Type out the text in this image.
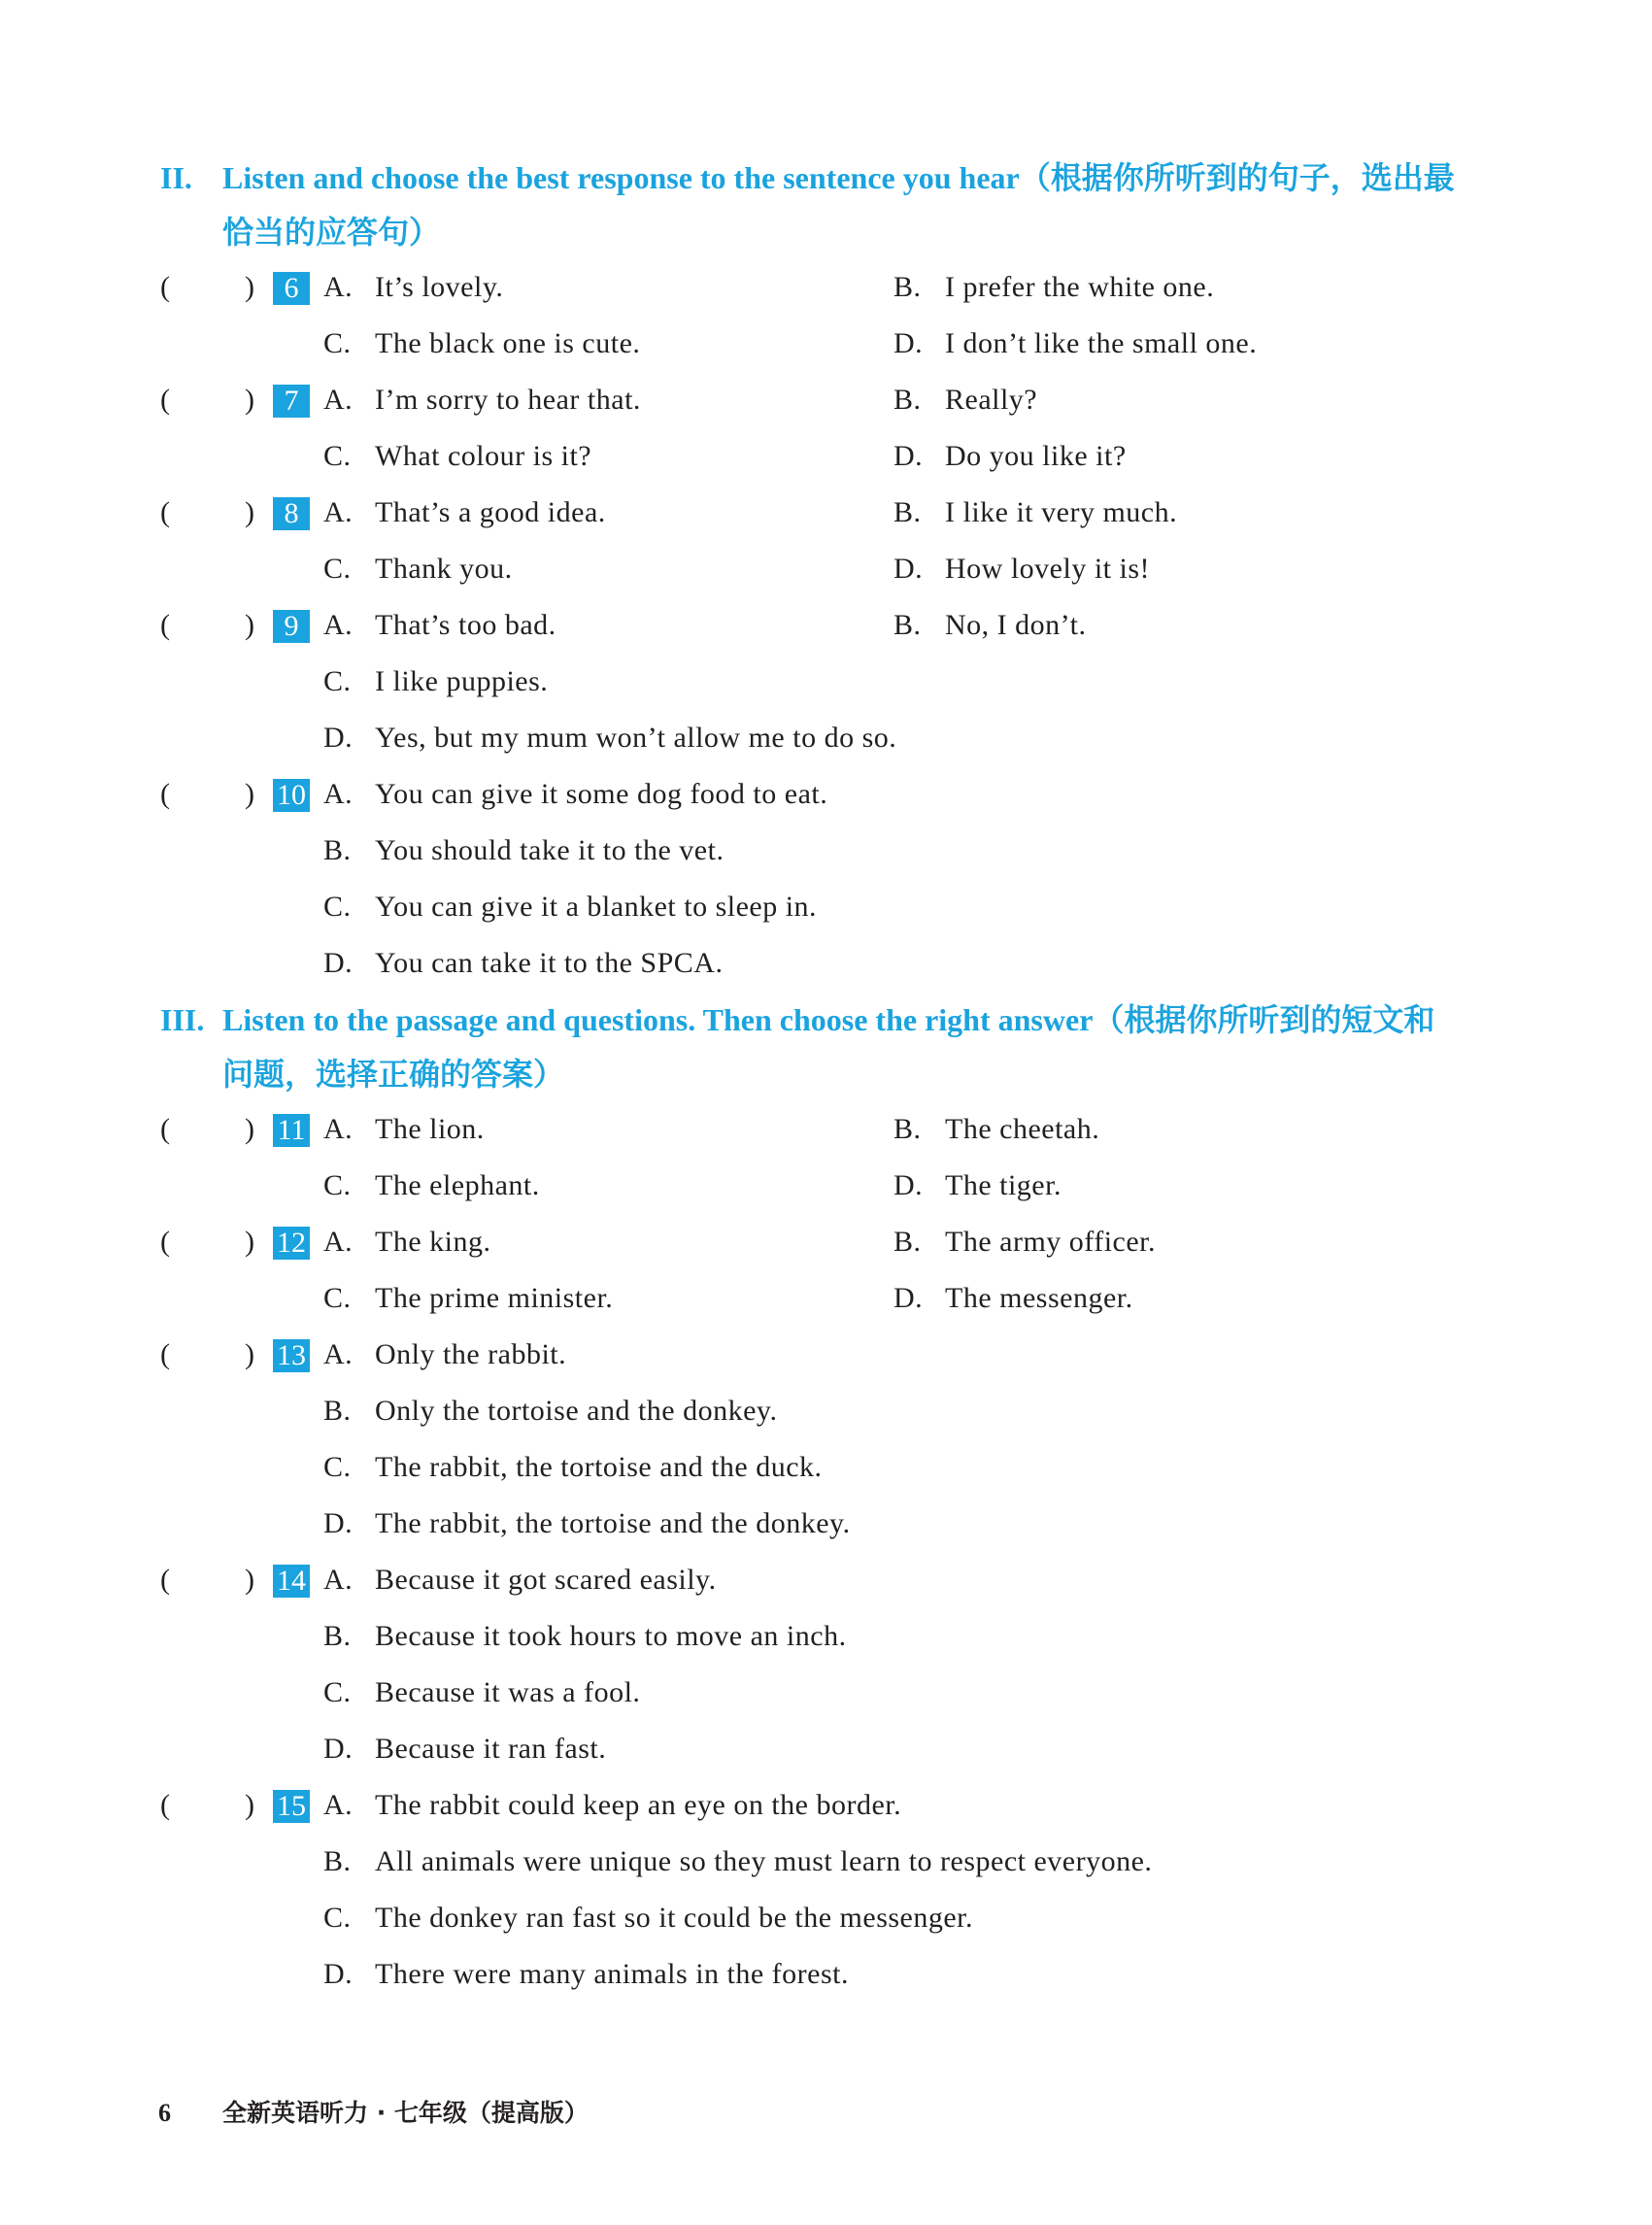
II. Listen and choose the best response to the sentence you hear（根据你所听到的句子，选出最
恰当的应答句）
(	)	6 A. It’s lovely.	B. I prefer the white one.
C. The black one is cute.	D. I don’t like the small one.
(	)	7 A. I’m sorry to hear that.	B. Really?
C. What colour is it?	D. Do you like it?
(	)	8 A. That’s a good idea.	B. I like it very much.
C. Thank you.	D. How lovely it is!
(	)	9 A. That’s too bad.	B. No, I don’t.
C. I like puppies.
D. Yes, but my mum won’t allow me to do so.
(	) 10 A. You can give it some dog food to eat.
B. You should take it to the vet.
C. You can give it a blanket to sleep in.
D. You can take it to the SPCA.
III. Listen to the passage and questions. Then choose the right answer（根据你所听到的短文和
问题，选择正确的答案）
(	) 11 A. The lion.	B. The cheetah.
C. The elephant.	D. The tiger.
(	) 12 A. The king.	B. The army officer.
C. The prime minister.	D. The messenger.
(	) 13 A. Only the rabbit.
B. Only the tortoise and the donkey.
C. The rabbit, the tortoise and the duck.
D. The rabbit, the tortoise and the donkey.
(	) 14 A. Because it got scared easily.
B. Because it took hours to move an inch.
C. Because it was a fool.
D. Because it ran fast.
(	) 15 A. The rabbit could keep an eye on the border.
B. All animals were unique so they must learn to respect everyone.
C. The donkey ran fast so it could be the messenger.
D. There were many animals in the forest.
6 全新英语听力 · 七年级（提高版）
